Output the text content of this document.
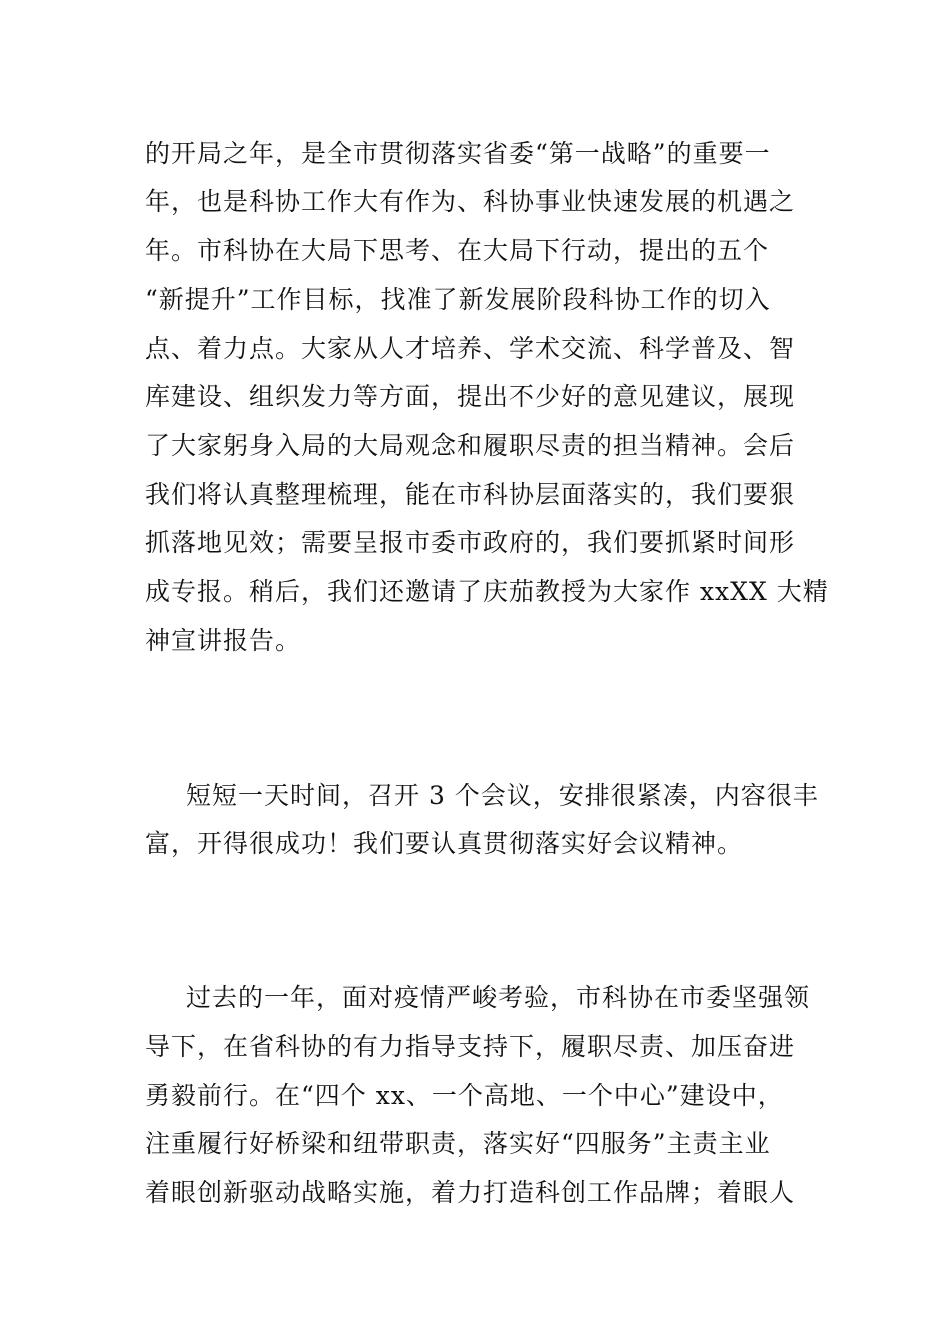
的开局之年，是全市贯彻落实省委“第一战略”的重要一
年，也是科协工作大有作为、科协事业快速发展的机遇之
年。市科协在大局下思考、在大局下行动，提出的五个
“新提升”工作目标，找准了新发展阶段科协工作的切入
点、着力点。大家从人才培养、学术交流、科学普及、智
库建设、组织发力等方面，提出不少好的意见建议，展现
了大家躬身入局的大局观念和履职尽责的担当精神。会后
我们将认真整理梳理，能在市科协层面落实的，我们要狠
抓落地见效；需要呈报市委市政府的，我们要抓紧时间形
成专报。稍后，我们还邀请了庆茄教授为大家作 xxXX 大精
神宣讲报告。
短短一天时间，召开 3 个会议，安排很紧凑，内容很丰
富，开得很成功！我们要认真贯彻落实好会议精神。
过去的一年，面对疫情严峻考验，市科协在市委坚强领
导下，在省科协的有力指导支持下，履职尽责、加压奋进
勇毅前行。在“四个 xx、一个高地、一个中心”建设中，
注重履行好桥梁和纽带职责，落实好“四服务”主责主业
着眼创新驱动战略实施，着力打造科创工作品牌；着眼人
